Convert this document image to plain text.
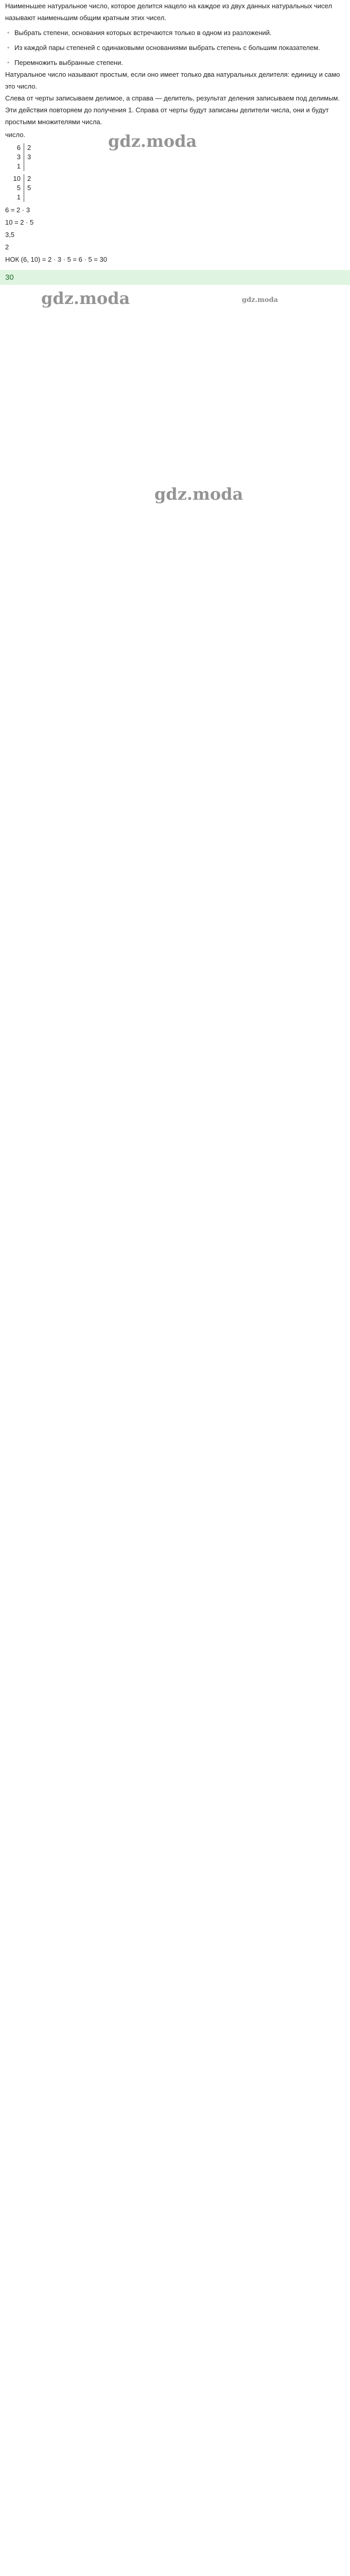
Наименьшее натуральное число, которое делится нацело на каждое из двух данных натуральных чисел называют наименьшим общим кратным этих чисел.

◦ Выбрать степени, основания которых встречаются только в одном из разложений.
◦ Из каждой пары степеней с одинаковыми основаниями выбрать степень с большим показателем.
◦ Перемножить выбранные степени.

Натуральное число называют простым, если оно имеет только два натуральных делителя: единицу и само это число.

Слева от черты записываем делимое, а справа — делитель, результат деления записываем под делимым. Эти действия повторяем до получения 1. Справа от черты будут записаны делители числа, они и будут простыми множителями числа.

число.
6	2
3	3
1
10	2
5	5
1
6 = 2 · 3
10 = 2 · 5
3,5
2
НОК (6, 10) = 2 · 3 · 5 = 6 · 5 = 30
30
gdz.moda
gdz.moda
gdz.moda
gdz.moda
